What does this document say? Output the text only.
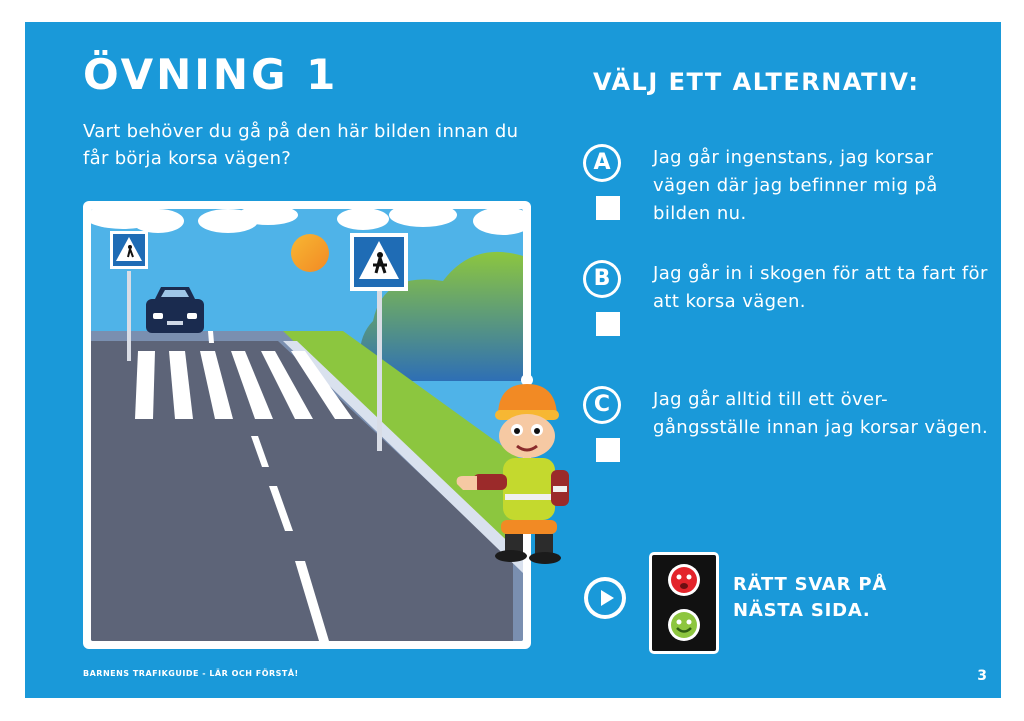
ÖVNING 1

Vart behöver du gå på den här bilden innan du får börja korsa vägen?

VÄLJ ETT ALTERNATIV:
A	Jag går ingenstans, jag korsar vägen där jag befinner mig på bilden nu.

B	Jag går in i skogen för att ta fart för att korsa vägen.

C	Jag går alltid till ett över-gångsställe innan jag korsar vägen.

RÄTT SVAR PÅ
NÄSTA SIDA.

BARNENS TRAFIKGUIDE - LÄR OCH FÖRSTÅ!	3
